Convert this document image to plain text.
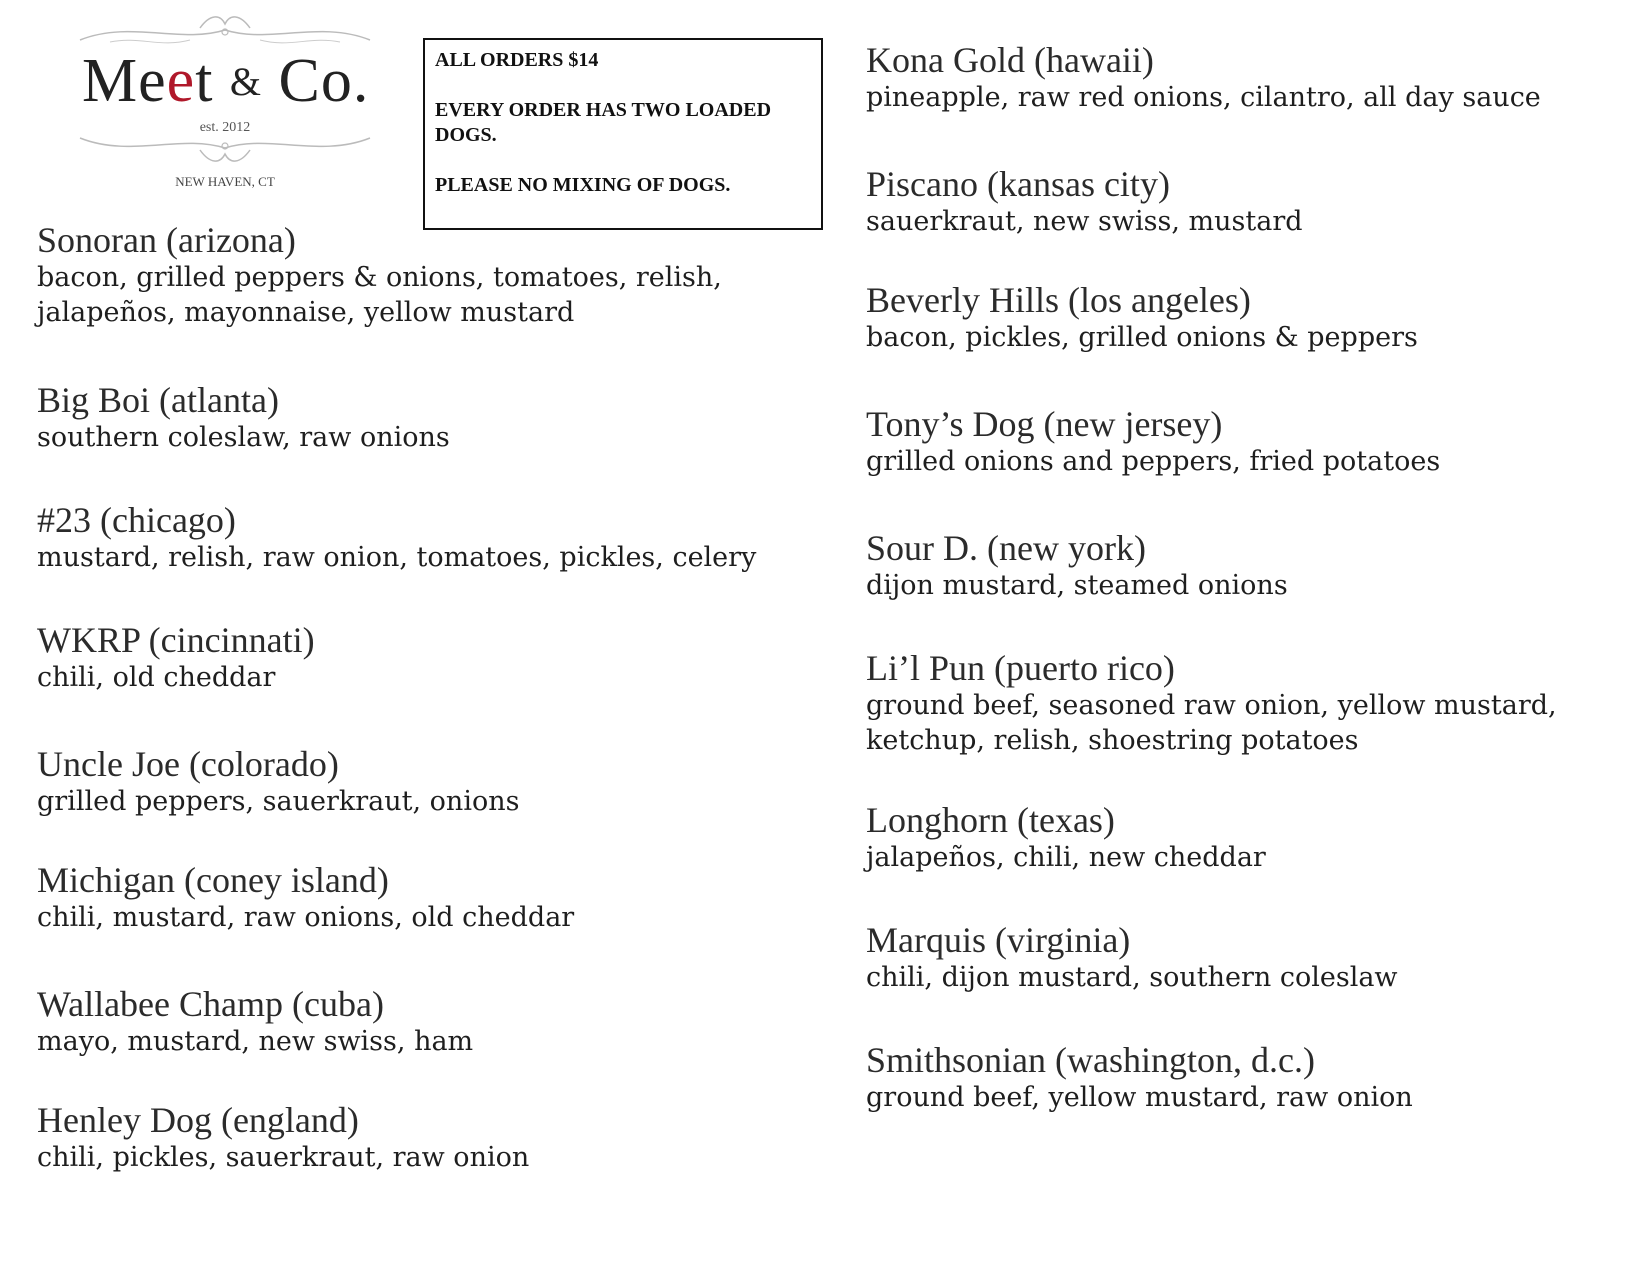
Meet & Co.
est. 2012
NEW HAVEN, CT

ALL ORDERS $14

EVERY ORDER HAS TWO LOADED DOGS.

PLEASE NO MIXING OF DOGS.

Sonoran (arizona)
bacon, grilled peppers & onions, tomatoes, relish, jalapeños, mayonnaise, yellow mustard
Big Boi (atlanta)
southern coleslaw, raw onions
#23 (chicago)
mustard, relish, raw onion, tomatoes, pickles, celery
WKRP (cincinnati)
chili, old cheddar
Uncle Joe (colorado)
grilled peppers, sauerkraut, onions
Michigan (coney island)
chili, mustard, raw onions, old cheddar
Wallabee Champ (cuba)
mayo, mustard, new swiss, ham
Henley Dog (england)
chili, pickles, sauerkraut, raw onion
Kona Gold (hawaii)
pineapple, raw red onions, cilantro, all day sauce
Piscano (kansas city)
sauerkraut, new swiss, mustard
Beverly Hills (los angeles)
bacon, pickles, grilled onions & peppers
Tony’s Dog (new jersey)
grilled onions and peppers, fried potatoes
Sour D. (new york)
dijon mustard, steamed onions
Li’l Pun (puerto rico)
ground beef, seasoned raw onion, yellow mustard, ketchup, relish, shoestring potatoes
Longhorn (texas)
jalapeños, chili, new cheddar
Marquis (virginia)
chili, dijon mustard, southern coleslaw
Smithsonian (washington, d.c.)
ground beef, yellow mustard, raw onion
